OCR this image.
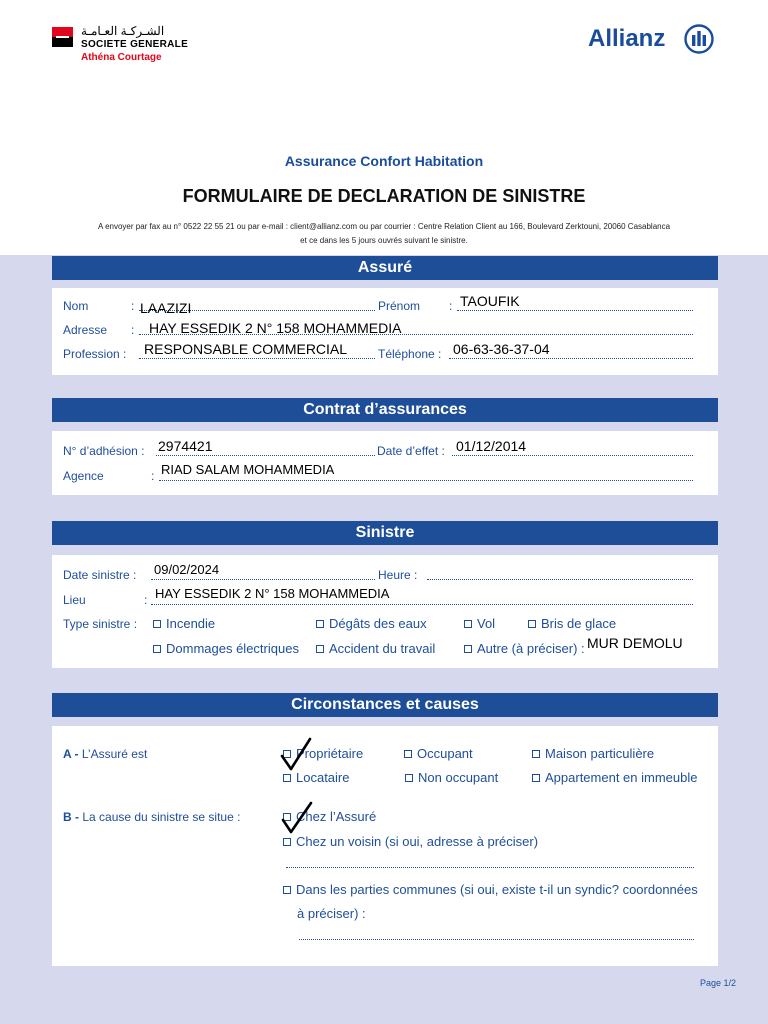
الشـركـة العـامـة
SOCIETE GENERALE
Athéna Courtage
Allianz
Assurance Confort Habitation
FORMULAIRE DE DECLARATION DE SINISTRE
A envoyer par fax au n° 0522 22 55 21 ou par e-mail : client@allianz.com ou par courrier : Centre Relation Client au 166, Boulevard Zerktouni, 20060 Casablanca
et ce dans les 5 jours ouvrés suivant le sinistre.
Assuré
Nom	: LAAZIZI	Prénom : TAOUFIK
Adresse : HAY ESSEDIK 2 N° 158 MOHAMMEDIA
Profession : RESPONSABLE COMMERCIAL	Téléphone : 06-63-36-37-04
Contrat d’assurances
N° d’adhésion : 2974421	Date d’effet : 01/12/2014
Agence	: RIAD SALAM MOHAMMEDIA
Sinistre
Date sinistre : 09/02/2024	Heure :
Lieu	: HAY ESSEDIK 2 N° 158 MOHAMMEDIA
Type sinistre :	Incendie	Dégâts des eaux	Vol	Bris de glace
Dommages électriques	Accident du travail	Autre (à préciser) : MUR DEMOLU
Circonstances et causes
A - L’Assuré est	Propriétaire	Occupant	Maison particulière
Locataire	Non occupant	Appartement en immeuble
B - La cause du sinistre se situe :	Chez l’Assuré
Chez un voisin (si oui, adresse à préciser)
Dans les parties communes (si oui, existe t-il un syndic? coordonnées
à préciser) :
Page 1/2
